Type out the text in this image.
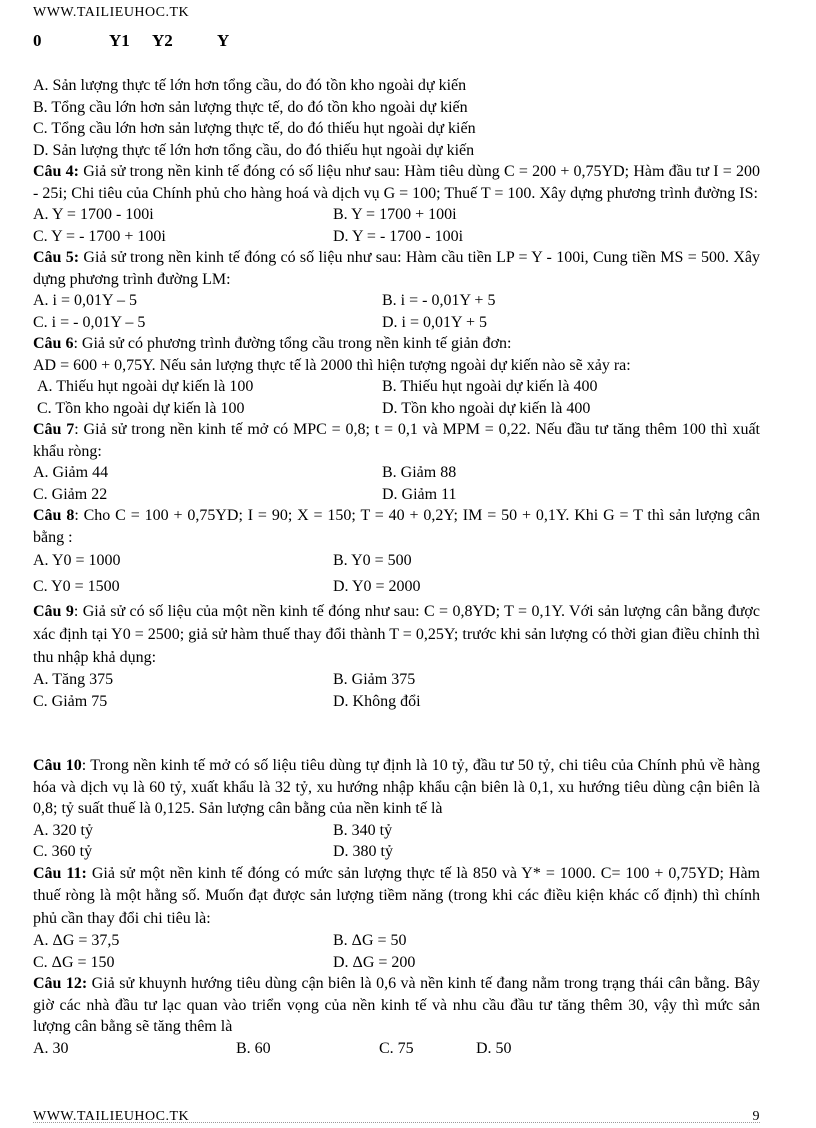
WWW.TAILIEUHOC.TK
0	Y1 Y2	Y
A. Sản lượng thực tế lớn hơn tổng cầu, do đó tồn kho ngoài dự kiến
B. Tổng cầu lớn hơn sản lượng thực tế, do đó tồn kho ngoài dự kiến
C. Tổng cầu lớn hơn sản lượng thực tế, do đó thiếu hụt ngoài dự kiến
D. Sản lượng thực tế lớn hơn tổng cầu, do đó thiếu hụt ngoài dự kiến
Câu 4: Giả sử trong nền kinh tế đóng có số liệu như sau: Hàm tiêu dùng C = 200 + 0,75YD; Hàm đầu tư I = 200 - 25i; Chi tiêu của Chính phủ cho hàng hoá và dịch vụ G = 100; Thuế T = 100. Xây dựng phương trình đường IS:
A. Y = 1700 - 100i	B. Y = 1700 + 100i
C. Y = - 1700 + 100i	D. Y = - 1700 - 100i
Câu 5: Giả sử trong nền kinh tế đóng có số liệu như sau: Hàm cầu tiền LP = Y - 100i, Cung tiền MS = 500. Xây dựng phương trình đường LM:
A. i = 0,01Y – 5	B. i = - 0,01Y + 5
C. i = - 0,01Y – 5	D. i = 0,01Y + 5
Câu 6: Giả sử có phương trình đường tổng cầu trong nền kinh tế giản đơn:
AD = 600 + 0,75Y. Nếu sản lượng thực tế là 2000 thì hiện tượng ngoài dự kiến nào sẽ xảy ra:
A. Thiếu hụt ngoài dự kiến là 100	B. Thiếu hụt ngoài dự kiến là 400
C. Tồn kho ngoài dự kiến là 100	D. Tồn kho ngoài dự kiến là 400
Câu 7: Giả sử trong nền kinh tế mở có MPC = 0,8; t = 0,1 và MPM = 0,22. Nếu đầu tư tăng thêm 100 thì xuất khẩu ròng:
A. Giảm 44	B. Giảm 88
C. Giảm 22	D. Giảm 11
Câu 8: Cho C = 100 + 0,75YD; I = 90; X = 150; T = 40 + 0,2Y; IM = 50 + 0,1Y. Khi G = T thì sản lượng cân bằng :
A. Y0 = 1000	B. Y0 = 500
C. Y0 = 1500	D. Y0 = 2000
Câu 9: Giả sử có số liệu của một nền kinh tế đóng như sau: C = 0,8YD; T = 0,1Y. Với sản lượng cân bằng được xác định tại Y0 = 2500; giả sử hàm thuế thay đổi thành T = 0,25Y; trước khi sản lượng có thời gian điều chỉnh thì thu nhập khả dụng:
A. Tăng 375	B. Giảm 375
C. Giảm 75	D. Không đổi
Câu 10: Trong nền kinh tế mở có số liệu tiêu dùng tự định là 10 tỷ, đầu tư 50 tỷ, chi tiêu của Chính phủ về hàng hóa và dịch vụ là 60 tỷ, xuất khẩu là 32 tỷ, xu hướng nhập khẩu cận biên là 0,1, xu hướng tiêu dùng cận biên là 0,8; tỷ suất thuế là 0,125. Sản lượng cân bằng của nền kinh tế là
A. 320 tỷ	B. 340 tỷ
C. 360 tỷ	D. 380 tỷ
Câu 11: Giả sử một nền kinh tế đóng có mức sản lượng thực tế là 850 và Y* = 1000. C= 100 + 0,75YD; Hàm thuế ròng là một hằng số. Muốn đạt được sản lượng tiềm năng (trong khi các điều kiện khác cố định) thì chính phủ cần thay đổi chi tiêu là:
A. ΔG = 37,5	B. ΔG = 50
C. ΔG = 150	D. ΔG = 200
Câu 12: Giả sử khuynh hướng tiêu dùng cận biên là 0,6 và nền kinh tế đang nằm trong trạng thái cân bằng. Bây giờ các nhà đầu tư lạc quan vào triển vọng của nền kinh tế và nhu cầu đầu tư tăng thêm 30, vậy thì mức sản lượng cân bằng sẽ tăng thêm là
A. 30	B. 60	C. 75	D. 50
WWW.TAILIEUHOC.TK	9
